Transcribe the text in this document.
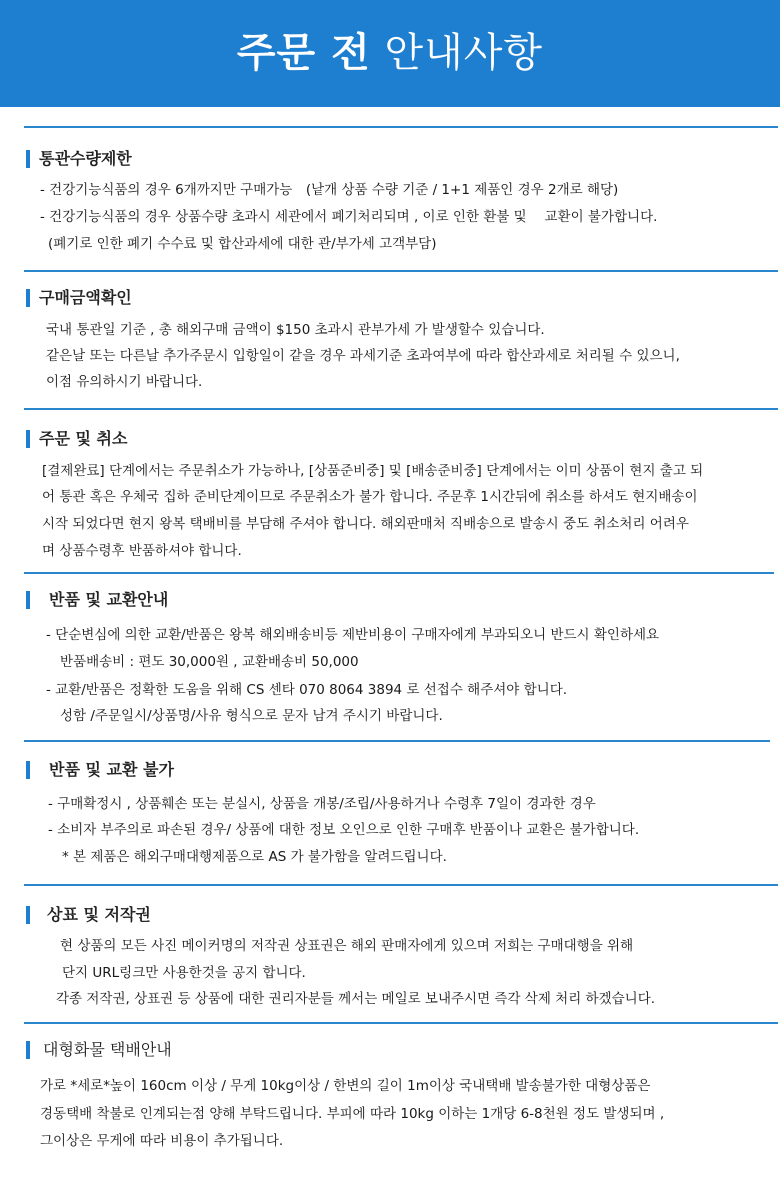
주문 전 안내사항
통관수량제한
- 건강기능식품의 경우 6개까지만 구매가능　(낱개 상품 수량 기준 / 1+1 제품인 경우 2개로 해당)
- 건강기능식품의 경우 상품수량 초과시 세관에서 폐기처리되며 , 이로 인한 환불 및　 교환이 불가합니다.
(폐기로 인한 폐기 수수료 및 합산과세에 대한 관/부가세 고객부담)
구매금액확인
국내 통관일 기준 , 총 해외구매 금액이 $150 초과시 관부가세 가 발생할수 있습니다.
같은날 또는 다른날 추가주문시 입항일이 같을 경우 과세기준 초과여부에 따라 합산과세로 처리될 수 있으니,
이점 유의하시기 바랍니다.
주문 및 취소
[결제완료] 단계에서는 주문취소가 가능하나, [상품준비중] 및 [배송준비중] 단계에서는 이미 상품이 현지 출고 되
어 통관 혹은 우체국 집하 준비단계이므로 주문취소가 불가 합니다. 주문후 1시간뒤에 취소를 하셔도 현지배송이
시작 되었다면 현지 왕복 택배비를 부담해 주셔야 합니다. 해외판매처 직배송으로 발송시 중도 취소처리 어려우
며 상품수령후 반품하셔야 합니다.
반품 및 교환안내
- 단순변심에 의한 교환/반품은 왕복 해외배송비등 제반비용이 구매자에게 부과되오니 반드시 확인하세요
반품배송비 : 편도 30,000원 , 교환배송비 50,000
- 교환/반품은 정확한 도움을 위해 CS 센타 070 8064 3894 로 선접수 해주셔야 합니다.
성함 /주문일시/상품명/사유 형식으로 문자 남겨 주시기 바랍니다.
반품 및 교환 불가
- 구매확정시 , 상품훼손 또는 분실시, 상품을 개봉/조립/사용하거나 수령후 7일이 경과한 경우
- 소비자 부주의로 파손된 경우/ 상품에 대한 정보 오인으로 인한 구매후 반품이나 교환은 불가합니다.
* 본 제품은 해외구매대행제품으로 AS 가 불가함을 알려드립니다.
상표 및 저작권
현 상품의 모든 사진 메이커명의 저작권 상표권은 해외 판매자에게 있으며 저희는 구매대행을 위해
단지 URL링크만 사용한것을 공지 합니다.
각종 저작권, 상표권 등 상품에 대한 권리자분들 께서는 메일로 보내주시면 즉각 삭제 처리 하겠습니다.
대형화물 택배안내
가로 *세로*높이 160cm 이상 / 무게 10kg이상 / 한변의 길이 1m이상 국내택배 발송불가한 대형상품은
경동택배 착불로 인계되는점 양해 부탁드립니다. 부피에 따라 10kg 이하는 1개당 6-8천원 정도 발생되며 ,
그이상은 무게에 따라 비용이 추가됩니다.
